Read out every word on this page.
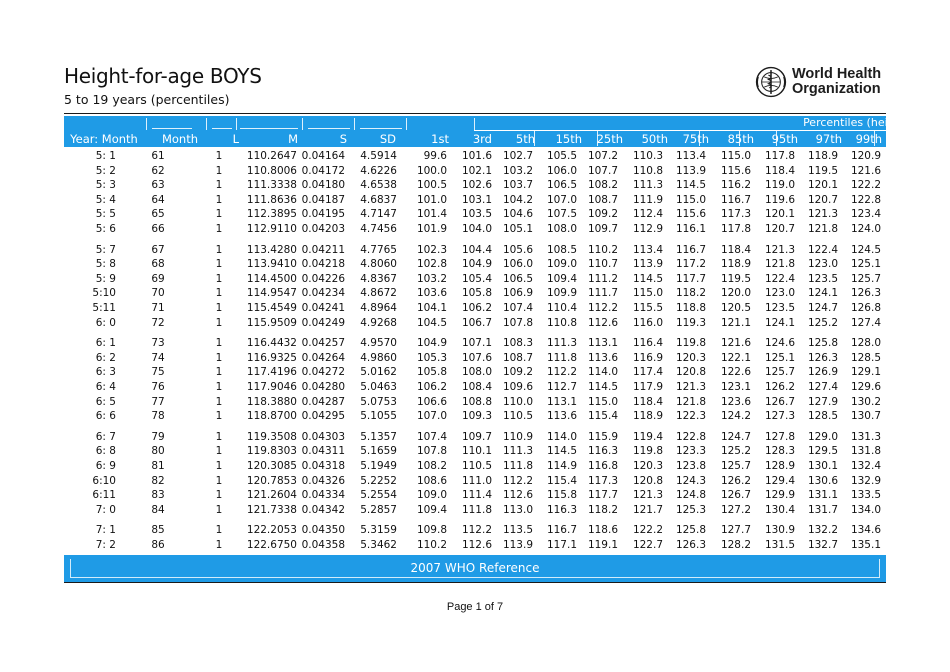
Height-for-age BOYS
5 to 19 years (percentiles)
World Health
Organization
Percentiles (height in cm)
Year: Month	Month	L	M	S	SD	1st	3rd	5th	15th	25th	50th	75th	85th	95th	97th	99th
5: 1	61	1	110.2647 0.04164	4.5914	99.6	101.6	102.7	105.5	107.2	110.3	113.4	115.0	117.8	118.9	120.9
5: 2	62	1	110.8006 0.04172	4.6226	100.0	102.1	103.2	106.0	107.7	110.8	113.9	115.6	118.4	119.5	121.6
5: 3	63	1	111.3338 0.04180	4.6538	100.5	102.6	103.7	106.5	108.2	111.3	114.5	116.2	119.0	120.1	122.2
5: 4	64	1	111.8636 0.04187	4.6837	101.0	103.1	104.2	107.0	108.7	111.9	115.0	116.7	119.6	120.7	122.8
5: 5	65	1	112.3895 0.04195	4.7147	101.4	103.5	104.6	107.5	109.2	112.4	115.6	117.3	120.1	121.3	123.4
5: 6	66	1	112.9110 0.04203	4.7456	101.9	104.0	105.1	108.0	109.7	112.9	116.1	117.8	120.7	121.8	124.0
5: 7	67	1	113.4280 0.04211	4.7765	102.3	104.4	105.6	108.5	110.2	113.4	116.7	118.4	121.3	122.4	124.5
5: 8	68	1	113.9410 0.04218	4.8060	102.8	104.9	106.0	109.0	110.7	113.9	117.2	118.9	121.8	123.0	125.1
5: 9	69	1	114.4500 0.04226	4.8367	103.2	105.4	106.5	109.4	111.2	114.5	117.7	119.5	122.4	123.5	125.7
5:10	70	1	114.9547 0.04234	4.8672	103.6	105.8	106.9	109.9	111.7	115.0	118.2	120.0	123.0	124.1	126.3
5:11	71	1	115.4549 0.04241	4.8964	104.1	106.2	107.4	110.4	112.2	115.5	118.8	120.5	123.5	124.7	126.8
6: 0	72	1	115.9509 0.04249	4.9268	104.5	106.7	107.8	110.8	112.6	116.0	119.3	121.1	124.1	125.2	127.4
6: 1	73	1	116.4432 0.04257	4.9570	104.9	107.1	108.3	111.3	113.1	116.4	119.8	121.6	124.6	125.8	128.0
6: 2	74	1	116.9325 0.04264	4.9860	105.3	107.6	108.7	111.8	113.6	116.9	120.3	122.1	125.1	126.3	128.5
6: 3	75	1	117.4196 0.04272	5.0162	105.8	108.0	109.2	112.2	114.0	117.4	120.8	122.6	125.7	126.9	129.1
6: 4	76	1	117.9046 0.04280	5.0463	106.2	108.4	109.6	112.7	114.5	117.9	121.3	123.1	126.2	127.4	129.6
6: 5	77	1	118.3880 0.04287	5.0753	106.6	108.8	110.0	113.1	115.0	118.4	121.8	123.6	126.7	127.9	130.2
6: 6	78	1	118.8700 0.04295	5.1055	107.0	109.3	110.5	113.6	115.4	118.9	122.3	124.2	127.3	128.5	130.7
6: 7	79	1	119.3508 0.04303	5.1357	107.4	109.7	110.9	114.0	115.9	119.4	122.8	124.7	127.8	129.0	131.3
6: 8	80	1	119.8303 0.04311	5.1659	107.8	110.1	111.3	114.5	116.3	119.8	123.3	125.2	128.3	129.5	131.8
6: 9	81	1	120.3085 0.04318	5.1949	108.2	110.5	111.8	114.9	116.8	120.3	123.8	125.7	128.9	130.1	132.4
6:10	82	1	120.7853 0.04326	5.2252	108.6	111.0	112.2	115.4	117.3	120.8	124.3	126.2	129.4	130.6	132.9
6:11	83	1	121.2604 0.04334	5.2554	109.0	111.4	112.6	115.8	117.7	121.3	124.8	126.7	129.9	131.1	133.5
7: 0	84	1	121.7338 0.04342	5.2857	109.4	111.8	113.0	116.3	118.2	121.7	125.3	127.2	130.4	131.7	134.0
7: 1	85	1	122.2053 0.04350	5.3159	109.8	112.2	113.5	116.7	118.6	122.2	125.8	127.7	130.9	132.2	134.6
7: 2	86	1	122.6750 0.04358	5.3462	110.2	112.6	113.9	117.1	119.1	122.7	126.3	128.2	131.5	132.7	135.1
2007 WHO Reference
Page 1 of 7
